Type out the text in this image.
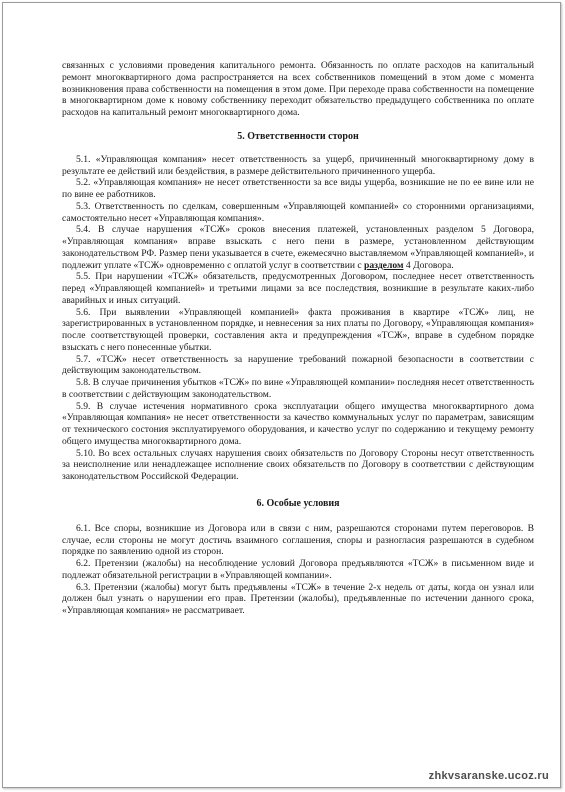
связанных с условиями проведения капитального ремонта. Обязанность по оплате расходов на капитальный ремонт многоквартирного дома распространяется на всех собственников помещений в этом доме с момента возникновения права собственности на помещения в этом доме. При переходе права собственности на помещение в многоквартирном доме к новому собственнику переходит обязательство предыдущего собственника по оплате расходов на капитальный ремонт многоквартирного дома.

5. Ответственности сторон

5.1. «Управляющая компания» несет ответственность за ущерб, причиненный многоквартирному дому в результате ее действий или бездействия, в размере действительного причиненного ущерба.

5.2. «Управляющая компания» не несет ответственности за все виды ущерба, возникшие не по ее вине или не по вине ее работников.

5.3. Ответственность по сделкам, совершенным «Управляющей компанией» со сторонними организациями, самостоятельно несет «Управляющая компания».

5.4. В случае нарушения «ТСЖ» сроков внесения платежей, установленных разделом 5 Договора, «Управляющая компания» вправе взыскать с него пени в размере, установленном действующим законодательством РФ. Размер пени указывается в счете, ежемесячно выставляемом «Управляющей компанией», и подлежит уплате «ТСЖ» одновременно с оплатой услуг в соответствии с разделом 4 Договора.

5.5. При нарушении «ТСЖ» обязательств, предусмотренных Договором, последнее несет ответственность перед «Управляющей компанией» и третьими лицами за все последствия, возникшие в результате каких-либо аварийных и иных ситуаций.

5.6. При выявлении «Управляющей компанией» факта проживания в квартире «ТСЖ» лиц, не зарегистрированных в установленном порядке, и невнесения за них платы по Договору, «Управляющая компания» после соответствующей проверки, составления акта и предупреждения «ТСЖ», вправе в судебном порядке взыскать с него понесенные убытки.

5.7. «ТСЖ» несет ответственность за нарушение требований пожарной безопасности в соответствии с действующим законодательством.

5.8. В случае причинения убытков «ТСЖ» по вине «Управляющей компании» последняя несет ответственность в соответствии с действующим законодательством.

5.9. В случае истечения нормативного срока эксплуатации общего имущества многоквартирного дома «Управляющая компания» не несет ответственности за качество коммунальных услуг по параметрам, зависящим от технического состония эксплуатируемого оборудования, и качество услуг по содержанию и текущему ремонту общего имущества многоквартирного дома.

5.10. Во всех остальных случаях нарушения своих обязательств по Договору Стороны несут ответственность за неисполнение или ненадлежащее исполнение своих обязательств по Договору в соответствии с действующим законодательством Российской Федерации.

6. Особые условия

6.1. Все споры, возникшие из Договора или в связи с ним, разрешаются сторонами путем переговоров. В случае, если стороны не могут достичь взаимного соглашения, споры и разногласия разрешаются в судебном порядке по заявлению одной из сторон.

6.2. Претензии (жалобы) на несоблюдение условий Договора предъявляются «ТСЖ» в письменном виде и подлежат обязательной регистрации в «Управляющей компании».

6.3. Претензии (жалобы) могут быть предъявлены «ТСЖ» в течение 2-х недель от даты, когда он узнал или должен был узнать о нарушении его прав. Претензии (жалобы), предъявленные по истечении данного срока, «Управляющая компания» не рассматривает.

zhkvsaranske.ucoz.ru
